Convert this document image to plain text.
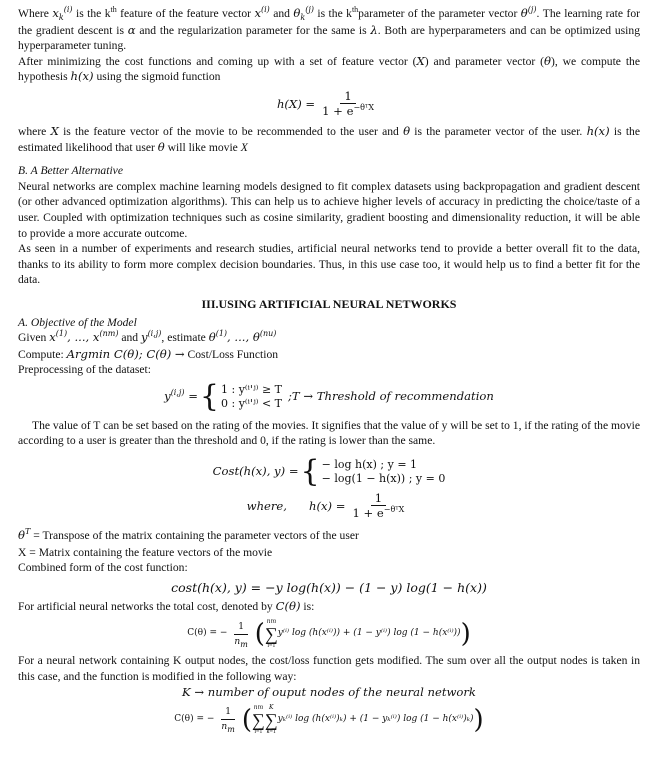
Where $x_k^{(i)}$ is the $k^{th}$ feature of the feature vector $x^{(i)}$ and $\theta_k^{(j)}$ is the $k^{th}parameter$ of the parameter vector $\theta^{(j)}$. The learning rate for the gradient descent is α and the regularization parameter for the same is λ. Both are hyperparameters and can be optimized using hyperparameter tuning.

After minimizing the cost functions and coming up with a set of feature vector (X) and parameter vector (θ), we compute the hypothesis h(x) using the sigmoid function

$h(X) = \frac{1}{1 + e^{-\theta ᵀX}}$

where X is the feature vector of the movie to be recommended to the user and θ is the parameter vector of the user. h(x) is the estimated likelihood that user θ will like movie X

B. A Better Alternative

Neural networks are complex machine learning models designed to fit complex datasets using backpropagation and gradient descent (or other advanced optimization algorithms). This can help us to achieve higher levels of accuracy in predicting the choice/taste of a user. Coupled with optimization techniques such as cosine similarity, gradient boosting and dimensionality reduction, it will be able to provide a more accurate outcome.

As seen in a number of experiments and research studies, artificial neural networks tend to provide a better overall fit to the data, thanks to its ability to form more complex decision boundaries. Thus, in this use case too, it would help us to find a better fit for the data.

III.USING ARTIFICIAL NEURAL NETWORKS

A. Objective of the Model

Given $x^{(1)}$, ..., $x^{(nm)}$ and $y^{(i,j)}$, estimate $\theta^{(1)}$, ..., $\theta^{(nu)}$

Compute: Argmin C(θ); C(θ) → Cost/Loss Function

Preprocessing of the dataset:

$y^{(i,j)}$ = { 1 : y⁽ⁱ'ʲ⁾ ≥ T
0 : y⁽ⁱ'ʲ⁾ < T
;T → Threshold of recommendation

The value of T can be set based on the rating of the movies. It signifies that the value of y will be set to 1, if the rating of the movie according to a user is greater than the threshold and 0, if the rating is lower than the same.

Cost(h(x), y) = { − log h(x) ; y = 1
− log(1 − h(x)) ; y = 0
where, $h(x) = \frac{1}{1 + e^{-\theta ᵀX}}$

$\theta^T$ = Transpose of the matrix containing the parameter vectors of the user

X = Matrix containing the feature vectors of the movie

Combined form of the cost function:

cost(h(x), y) = −y log(h(x)) − (1 − y) log(1 − h(x))

For artificial neural networks the total cost, denoted by C(θ) is:

C(θ) = − $\frac{1}{nm}$ ( nm
∑
i=1
y⁽ⁱ⁾ log (h(x⁽ⁱ⁾)) + (1 − y⁽ⁱ⁾) log (1 − h(x⁽ⁱ⁾)) )

For a neural network containing K output nodes, the cost/loss function gets modified. The sum over all the output nodes is taken in this case, and the function is modified in the following way:

K → number of ouput nodes of the neural network
C(θ) = − $\frac{1}{nm}$ ( nm
∑
i=1
K
∑
k=1
yₖ⁽ⁱ⁾ log (h(x⁽ⁱ⁾)ₖ) + (1 − yₖ⁽ⁱ⁾) log (1 − h(x⁽ⁱ⁾)ₖ) )
